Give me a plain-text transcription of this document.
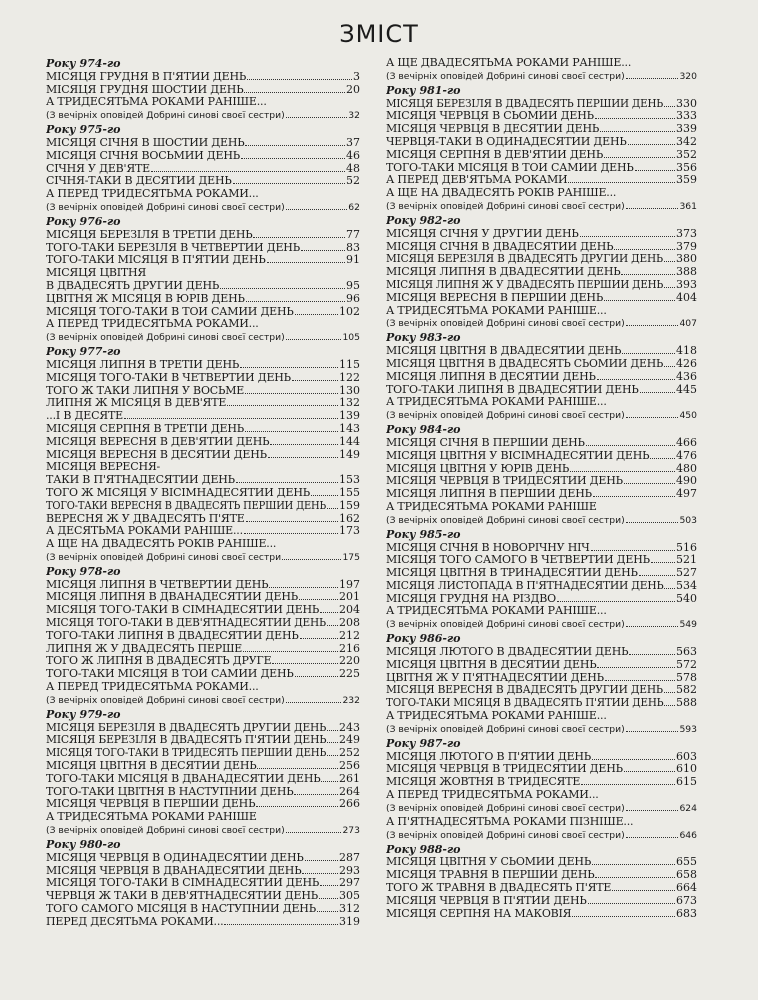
ЗМІСТ
Року 974-го
МІСЯЦЯ ГРУДНЯ В П'ЯТИЙ ДЕНЬ	3
МІСЯЦЯ ГРУДНЯ ШОСТИЙ ДЕНЬ	20
А ТРИДЕСЯТЬМА РОКАМИ РАНІШЕ...
(З вечірніх оповідей Добрині синові своєї сестри)	32
Року 975-го
МІСЯЦЯ СІЧНЯ В ШОСТИЙ ДЕНЬ	37
МІСЯЦЯ СІЧНЯ ВОСЬМИЙ ДЕНЬ	46
СІЧНЯ У ДЕВ'ЯТЕ	48
СІЧНЯ-ТАКИ В ДЕСЯТИЙ ДЕНЬ	52
А ПЕРЕД ТРИДЕСЯТЬМА РОКАМИ...
(З вечірніх оповідей Добрині синові своєї сестри)	62
Року 976-го
МІСЯЦЯ БЕРЕЗІЛЯ В ТРЕТІЙ ДЕНЬ	77
ТОГО-ТАКИ БЕРЕЗІЛЯ В ЧЕТВЕРТИЙ ДЕНЬ	83
ТОГО-ТАКИ МІСЯЦЯ В П'ЯТИЙ ДЕНЬ	91
МІСЯЦЯ ЦВІТНЯ
В ДВАДЕСЯТЬ ДРУГИЙ ДЕНЬ	95
ЦВІТНЯ Ж МІСЯЦЯ В ЮРІВ ДЕНЬ	96
МІСЯЦЯ ТОГО-ТАКИ В ТОЙ САМИЙ ДЕНЬ	102
А ПЕРЕД ТРИДЕСЯТЬМА РОКАМИ...
(З вечірніх оповідей Добрині синові своєї сестри)	105
Року 977-го
МІСЯЦЯ ЛИПНЯ В ТРЕТІЙ ДЕНЬ	115
МІСЯЦЯ ТОГО-ТАКИ В ЧЕТВЕРТИЙ ДЕНЬ	122
ТОГО Ж ТАКИ ЛИПНЯ У ВОСЬМЕ	130
ЛИПНЯ Ж МІСЯЦЯ В ДЕВ'ЯТЕ	132
...І В ДЕСЯТЕ	139
МІСЯЦЯ СЕРПНЯ В ТРЕТІЙ ДЕНЬ	143
МІСЯЦЯ ВЕРЕСНЯ В ДЕВ'ЯТИЙ ДЕНЬ	144
МІСЯЦЯ ВЕРЕСНЯ В ДЕСЯТИЙ ДЕНЬ	149
МІСЯЦЯ ВЕРЕСНЯ-
ТАКИ В П'ЯТНАДЕСЯТИЙ ДЕНЬ	153
ТОГО Ж МІСЯЦЯ У ВІСІМНАДЕСЯТИЙ ДЕНЬ	155
ТОГО-ТАКИ ВЕРЕСНЯ В ДВАДЕСЯТЬ ПЕРШИЙ ДЕНЬ 159
ВЕРЕСНЯ Ж У ДВАДЕСЯТЬ П'ЯТЕ	162
А ДЕСЯТЬМА РОКАМИ РАНІШЕ...	173
А ЩЕ НА ДВАДЕСЯТЬ РОКІВ РАНІШЕ...
(З вечірніх оповідей Добрині синові своєї сестри	175
Року 978-го
МІСЯЦЯ ЛИПНЯ В ЧЕТВЕРТИЙ ДЕНЬ	197
МІСЯЦЯ ЛИПНЯ В ДВАНАДЕСЯТИЙ ДЕНЬ	201
МІСЯЦЯ ТОГО-ТАКИ В СІМНАДЕСЯТИЙ ДЕНЬ 204
МІСЯЦЯ ТОГО-ТАКИ В ДЕВ'ЯТНАДЕСЯТИЙ ДЕНЬ 208
ТОГО-ТАКИ ЛИПНЯ В ДВАДЕСЯТИЙ ДЕНЬ	212
ЛИПНЯ Ж У ДВАДЕСЯТЬ ПЕРШЕ	216
ТОГО Ж ЛИПНЯ В ДВАДЕСЯТЬ ДРУГЕ	220
ТОГО-ТАКИ МІСЯЦЯ В ТОЙ САМИЙ ДЕНЬ	225
А ПЕРЕД ТРИДЕСЯТЬМА РОКАМИ...
(З вечірніх оповідей Добрині синові своєї сестри)	232
Року 979-го
МІСЯЦЯ БЕРЕЗІЛЯ В ДВАДЕСЯТЬ ДРУГИЙ ДЕНЬ 243
МІСЯЦЯ БЕРЕЗІЛЯ В ДВАДЕСЯТЬ П'ЯТИЙ ДЕНЬ 249
МІСЯЦЯ ТОГО-ТАКИ В ТРИДЕСЯТЬ ПЕРШИЙ ДЕНЬ 252
МІСЯЦЯ ЦВІТНЯ В ДЕСЯТИЙ ДЕНЬ	256
ТОГО-ТАКИ МІСЯЦЯ В ДВАНАДЕСЯТИЙ ДЕНЬ 261
ТОГО-ТАКИ ЦВІТНЯ В НАСТУПНИЙ ДЕНЬ	264
МІСЯЦЯ ЧЕРВЦЯ В ПЕРШИЙ ДЕНЬ	266
А ТРИДЕСЯТЬМА РОКАМИ РАНІШЕ
(З вечірніх оповідей Добрині синові своєї сестри)	273
Року 980-го
МІСЯЦЯ ЧЕРВЦЯ В ОДИНАДЕСЯТИЙ ДЕНЬ	287
МІСЯЦЯ ЧЕРВЦЯ В ДВАНАДЕСЯТИЙ ДЕНЬ	293
МІСЯЦЯ ТОГО-ТАКИ В СІМНАДЕСЯТИЙ ДЕНЬ 297
ЧЕРВЦЯ Ж ТАКИ В ДЕВ'ЯТНАДЕСЯТИЙ ДЕНЬ 305
ТОГО САМОГО МІСЯЦЯ В НАСТУПНИЙ ДЕНЬ 312
ПЕРЕД ДЕСЯТЬМА РОКАМИ...	319
А ЩЕ ДВАДЕСЯТЬМА РОКАМИ РАНІШЕ...
(З вечірніх оповідей Добрині синові своєї сестри)	320
Року 981-го
МІСЯЦЯ БЕРЕЗІЛЯ В ДВАДЕСЯТЬ ПЕРШИЙ ДЕНЬ 330
МІСЯЦЯ ЧЕРВЦЯ В СЬОМИЙ ДЕНЬ	333
МІСЯЦЯ ЧЕРВЦЯ В ДЕСЯТИЙ ДЕНЬ	339
ЧЕРВЦЯ-ТАКИ В ОДИНАДЕСЯТИЙ ДЕНЬ	342
МІСЯЦЯ СЕРПНЯ В ДЕВ'ЯТИЙ ДЕНЬ	352
ТОГО-ТАКИ МІСЯЦЯ В ТОЙ САМИЙ ДЕНЬ	356
А ПЕРЕД ДЕВ'ЯТЬМА РОКАМИ	359
А ЩЕ НА ДВАДЕСЯТЬ РОКІВ РАНІШЕ...
(З вечірніх оповідей Добрині синові своєї сестри)	361
Року 982-го
МІСЯЦЯ СІЧНЯ У ДРУГИЙ ДЕНЬ	373
МІСЯЦЯ СІЧНЯ В ДВАДЕСЯТИЙ ДЕНЬ	379
МІСЯЦЯ БЕРЕЗІЛЯ В ДВАДЕСЯТЬ ДРУГИЙ ДЕНЬ 380
МІСЯЦЯ ЛИПНЯ В ДВАДЕСЯТИЙ ДЕНЬ	388
МІСЯЦЯ ЛИПНЯ Ж У ДВАДЕСЯТЬ ПЕРШИЙ ДЕНЬ 393
МІСЯЦЯ ВЕРЕСНЯ В ПЕРШИЙ ДЕНЬ	404
А ТРИДЕСЯТЬМА РОКАМИ РАНІШЕ...
(З вечірніх оповідей Добрині синові своєї сестри)	407
Року 983-го
МІСЯЦЯ ЦВІТНЯ В ДВАДЕСЯТИЙ ДЕНЬ	418
МІСЯЦЯ ЦВІТНЯ В ДВАДЕСЯТЬ СЬОМИЙ ДЕНЬ 426
МІСЯЦЯ ЛИПНЯ В ДЕСЯТИЙ ДЕНЬ	436
ТОГО-ТАКИ ЛИПНЯ В ДВАДЕСЯТИЙ ДЕНЬ	445
А ТРИДЕСЯТЬМА РОКАМИ РАНІШЕ...
(З вечірніх оповідей Добрині синові своєї сестри)	450
Року 984-го
МІСЯЦЯ СІЧНЯ В ПЕРШИЙ ДЕНЬ	466
МІСЯЦЯ ЦВІТНЯ У ВІСІМНАДЕСЯТИЙ ДЕНЬ 476
МІСЯЦЯ ЦВІТНЯ У ЮРІВ ДЕНЬ	480
МІСЯЦЯ ЧЕРВЦЯ В ТРИДЕСЯТИЙ ДЕНЬ	490
МІСЯЦЯ ЛИПНЯ В ПЕРШИЙ ДЕНЬ	497
А ТРИДЕСЯТЬМА РОКАМИ РАНІШЕ
(З вечірніх оповідей Добрині синові своєї сестри)	503
Року 985-го
МІСЯЦЯ СІЧНЯ В НОВОРІЧНУ НІЧ	516
МІСЯЦЯ ТОГО САМОГО В ЧЕТВЕРТИЙ ДЕНЬ 521
МІСЯЦЯ ЦВІТНЯ В ТРИНАДЕСЯТИЙ ДЕНЬ	527
МІСЯЦЯ ЛИСТОПАДА В П'ЯТНАДЕСЯТИЙ ДЕНЬ 534
МІСЯЦЯ ГРУДНЯ НА РІЗДВО	540
А ТРИДЕСЯТЬМА РОКАМИ РАНІШЕ...
(З вечірніх оповідей Добрині синові своєї сестри)	549
Року 986-го
МІСЯЦЯ ЛЮТОГО В ДВАДЕСЯТИЙ ДЕНЬ	563
МІСЯЦЯ ЦВІТНЯ В ДЕСЯТИЙ ДЕНЬ	572
ЦВІТНЯ Ж У П'ЯТНАДЕСЯТИЙ ДЕНЬ	578
МІСЯЦЯ ВЕРЕСНЯ В ДВАДЕСЯТЬ ДРУГИЙ ДЕНЬ 582
ТОГО-ТАКИ МІСЯЦЯ В ДВАДЕСЯТЬ П'ЯТИЙ ДЕНЬ 588
А ТРИДЕСЯТЬМА РОКАМИ РАНІШЕ...
(З вечірніх оповідей Добрині синові своєї сестри)	593
Року 987-го
МІСЯЦЯ ЛЮТОГО В П'ЯТИЙ ДЕНЬ	603
МІСЯЦЯ ЧЕРВЦЯ В ТРИДЕСЯТИЙ ДЕНЬ	610
МІСЯЦЯ ЖОВТНЯ В ТРИДЕСЯТЕ	615
А ПЕРЕД ТРИДЕСЯТЬМА РОКАМИ...
(З вечірніх оповідей Добрині синові своєї сестри)	624
А П'ЯТНАДЕСЯТЬМА РОКАМИ ПІЗНІШЕ...
(З вечірніх оповідей Добрині синові своєї сестри)	646
Року 988-го
МІСЯЦЯ ЦВІТНЯ У СЬОМИЙ ДЕНЬ	655
МІСЯЦЯ ТРАВНЯ В ПЕРШИЙ ДЕНЬ	658
ТОГО Ж ТРАВНЯ В ДВАДЕСЯТЬ П'ЯТЕ	664
МІСЯЦЯ ЧЕРВЦЯ В П'ЯТИЙ ДЕНЬ	673
МІСЯЦЯ СЕРПНЯ НА МАКОВІЯ	683
